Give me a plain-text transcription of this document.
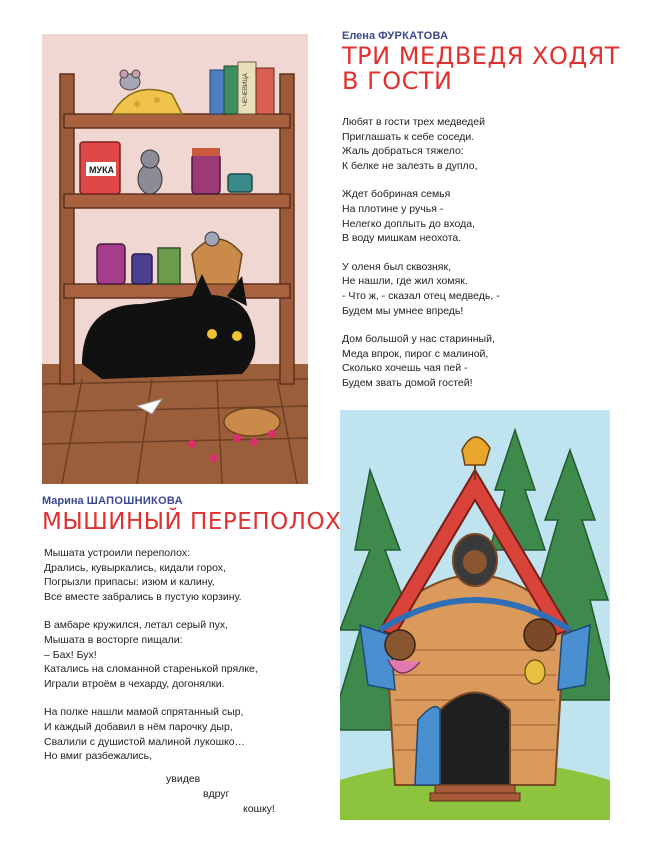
ЧЕЧЕВИЦА
МУКА
Елена ФУРКАТОВА
ТРИ МЕДВЕДЯ ХОДЯТ
В ГОСТИ
Любят в гости трех медведей
Приглашать к себе соседи.
Жаль добраться тяжело:
К белке не залезть в дупло,
Ждет бобриная семья
На плотине у ручья -
Нелегко доплыть до входа,
В воду мишкам неохота.
У оленя был сквозняк,
Не нашли, где жил хомяк.
- Что ж, - сказал отец медведь, -
Будем мы умнее впредь!
Дом большой у нас старинный,
Меда впрок, пирог с малиной,
Сколько хочешь чая пей -
Будем звать домой гостей!
Марина ШАПОШНИКОВА
МЫШИНЫЙ ПЕРЕПОЛОХ
Мышата устроили переполох:
Дрались, кувыркались, кидали горох,
Погрызли припасы: изюм и калину,
Все вместе забрались в пустую корзину.
В амбаре кружился, летал серый пух,
Мышата в восторге пищали:
– Бах! Бух!
Катались на сломанной старенькой прялке,
Играли втроём в чехарду, догонялки.
На полке нашли мамой спрятанный сыр,
И каждый добавил в нём парочку дыр,
Свалили с душистой малиной лукошко…
Но вмиг разбежались,
увидев
вдруг
кошку!
